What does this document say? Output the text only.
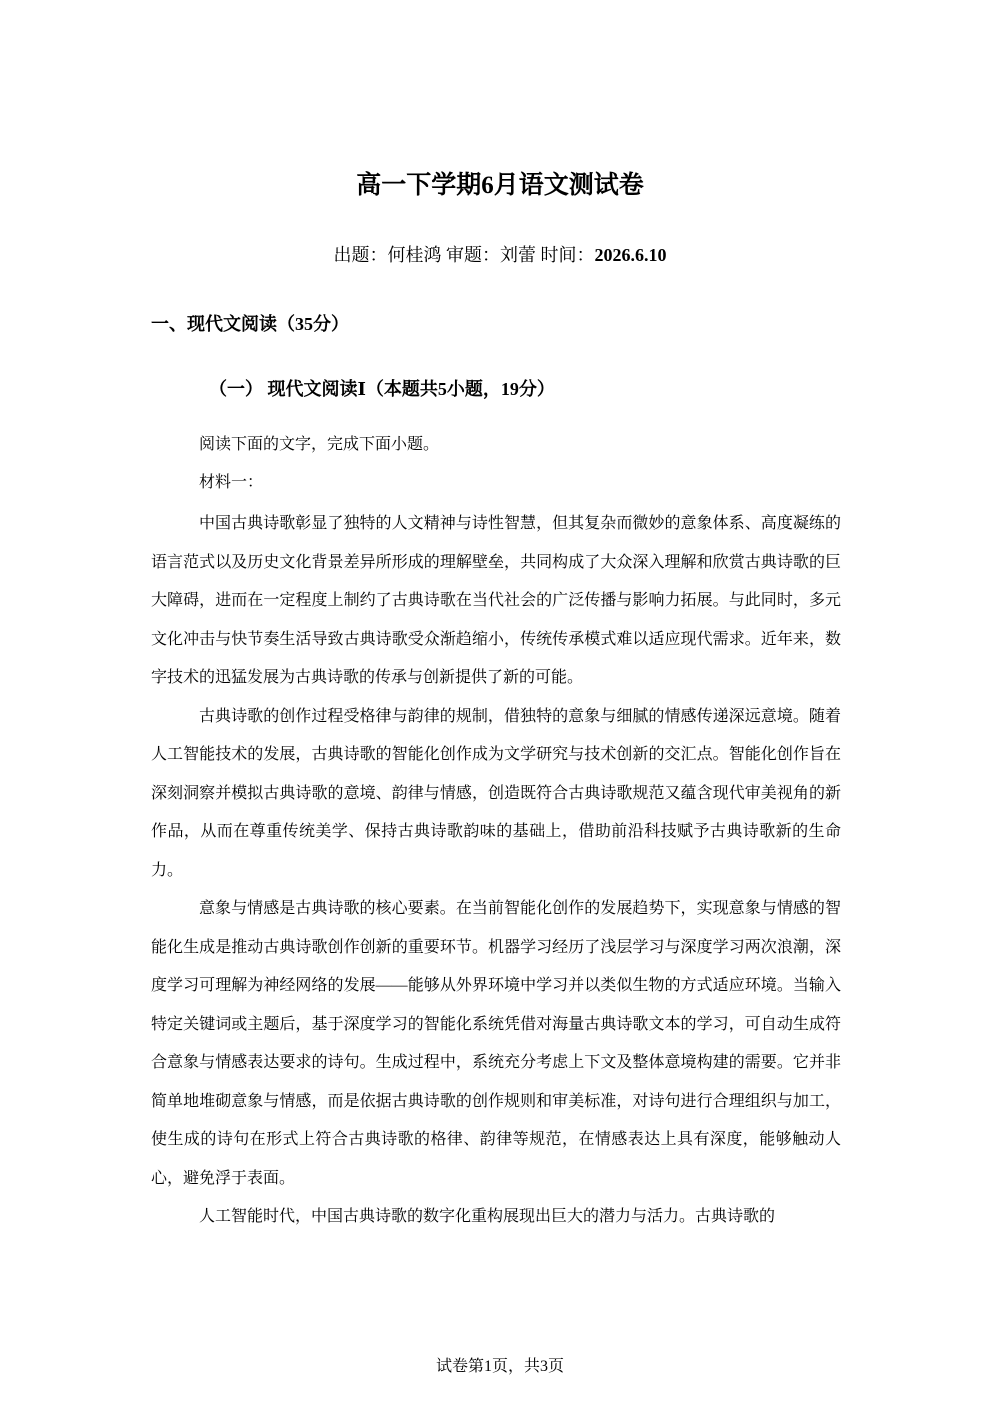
高一下学期6月语文测试卷
出题：何桂鸿 审题：刘蕾 时间：2026.6.10
一、现代文阅读（35分）
（一） 现代文阅读Ⅰ（本题共5小题，19分）
阅读下面的文字，完成下面小题。
材料一：

中国古典诗歌彰显了独特的人文精神与诗性智慧，但其复杂而微妙的意象体系、高度凝练的语言范式以及历史文化背景差异所形成的理解壁垒，共同构成了大众深入理解和欣赏古典诗歌的巨大障碍，进而在一定程度上制约了古典诗歌在当代社会的广泛传播与影响力拓展。与此同时，多元文化冲击与快节奏生活导致古典诗歌受众渐趋缩小，传统传承模式难以适应现代需求。近年来，数字技术的迅猛发展为古典诗歌的传承与创新提供了新的可能。

古典诗歌的创作过程受格律与韵律的规制，借独特的意象与细腻的情感传递深远意境。随着人工智能技术的发展，古典诗歌的智能化创作成为文学研究与技术创新的交汇点。智能化创作旨在深刻洞察并模拟古典诗歌的意境、韵律与情感，创造既符合古典诗歌规范又蕴含现代审美视角的新作品，从而在尊重传统美学、保持古典诗歌韵味的基础上，借助前沿科技赋予古典诗歌新的生命力。

意象与情感是古典诗歌的核心要素。在当前智能化创作的发展趋势下，实现意象与情感的智能化生成是推动古典诗歌创作创新的重要环节。机器学习经历了浅层学习与深度学习两次浪潮，深度学习可理解为神经网络的发展——能够从外界环境中学习并以类似生物的方式适应环境。当输入特定关键词或主题后，基于深度学习的智能化系统凭借对海量古典诗歌文本的学习，可自动生成符合意象与情感表达要求的诗句。生成过程中，系统充分考虑上下文及整体意境构建的需要。它并非简单地堆砌意象与情感，而是依据古典诗歌的创作规则和审美标准，对诗句进行合理组织与加工，使生成的诗句在形式上符合古典诗歌的格律、韵律等规范，在情感表达上具有深度，能够触动人心，避免浮于表面。

人工智能时代，中国古典诗歌的数字化重构展现出巨大的潜力与活力。古典诗歌的

试卷第1页，共3页
